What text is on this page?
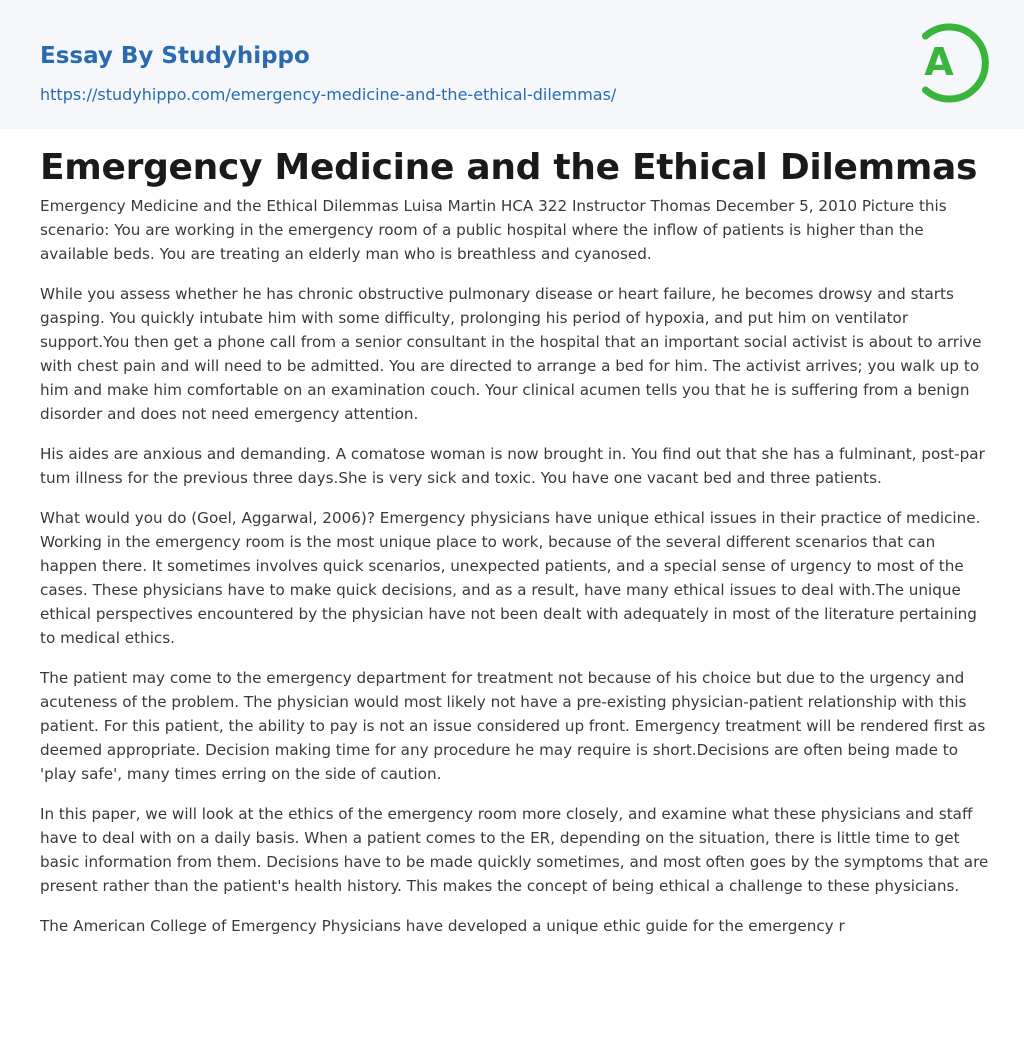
Essay By Studyhippo
https://studyhippo.com/emergency-medicine-and-the-ethical-dilemmas/
A
Emergency Medicine and the Ethical Dilemmas

Emergency Medicine and the Ethical Dilemmas Luisa Martin HCA 322 Instructor Thomas December 5, 2010 Picture this scenario: You are working in the emergency room of a public hospital where the inflow of patients is higher than the available beds. You are treating an elderly man who is breathless and cyanosed.

While you assess whether he has chronic obstructive pulmonary disease or heart failure, he becomes drowsy and starts gasping. You quickly intubate him with some difficulty, prolonging his period of hypoxia, and put him on ventilator support.You then get a phone call from a senior consultant in the hospital that an important social activist is about to arrive with chest pain and will need to be admitted. You are directed to arrange a bed for him. The activist arrives; you walk up to him and make him comfortable on an examination couch. Your clinical acumen tells you that he is suffering from a benign disorder and does not need emergency attention.

His aides are anxious and demanding. A comatose woman is now brought in. You find out that she has a fulminant, post-par tum illness for the previous three days.She is very sick and toxic. You have one vacant bed and three patients.

What would you do (Goel, Aggarwal, 2006)? Emergency physicians have unique ethical issues in their practice of medicine. Working in the emergency room is the most unique place to work, because of the several different scenarios that can happen there. It sometimes involves quick scenarios, unexpected patients, and a special sense of urgency to most of the cases. These physicians have to make quick decisions, and as a result, have many ethical issues to deal with.The unique ethical perspectives encountered by the physician have not been dealt with adequately in most of the literature pertaining to medical ethics.

The patient may come to the emergency department for treatment not because of his choice but due to the urgency and acuteness of the problem. The physician would most likely not have a pre-existing physician-patient relationship with this patient. For this patient, the ability to pay is not an issue considered up front. Emergency treatment will be rendered first as deemed appropriate. Decision making time for any procedure he may require is short.Decisions are often being made to 'play safe', many times erring on the side of caution.

In this paper, we will look at the ethics of the emergency room more closely, and examine what these physicians and staff have to deal with on a daily basis. When a patient comes to the ER, depending on the situation, there is little time to get basic information from them. Decisions have to be made quickly sometimes, and most often goes by the symptoms that are present rather than the patient's health history. This makes the concept of being ethical a challenge to these physicians.

The American College of Emergency Physicians have developed a unique ethic guide for the emergency r
